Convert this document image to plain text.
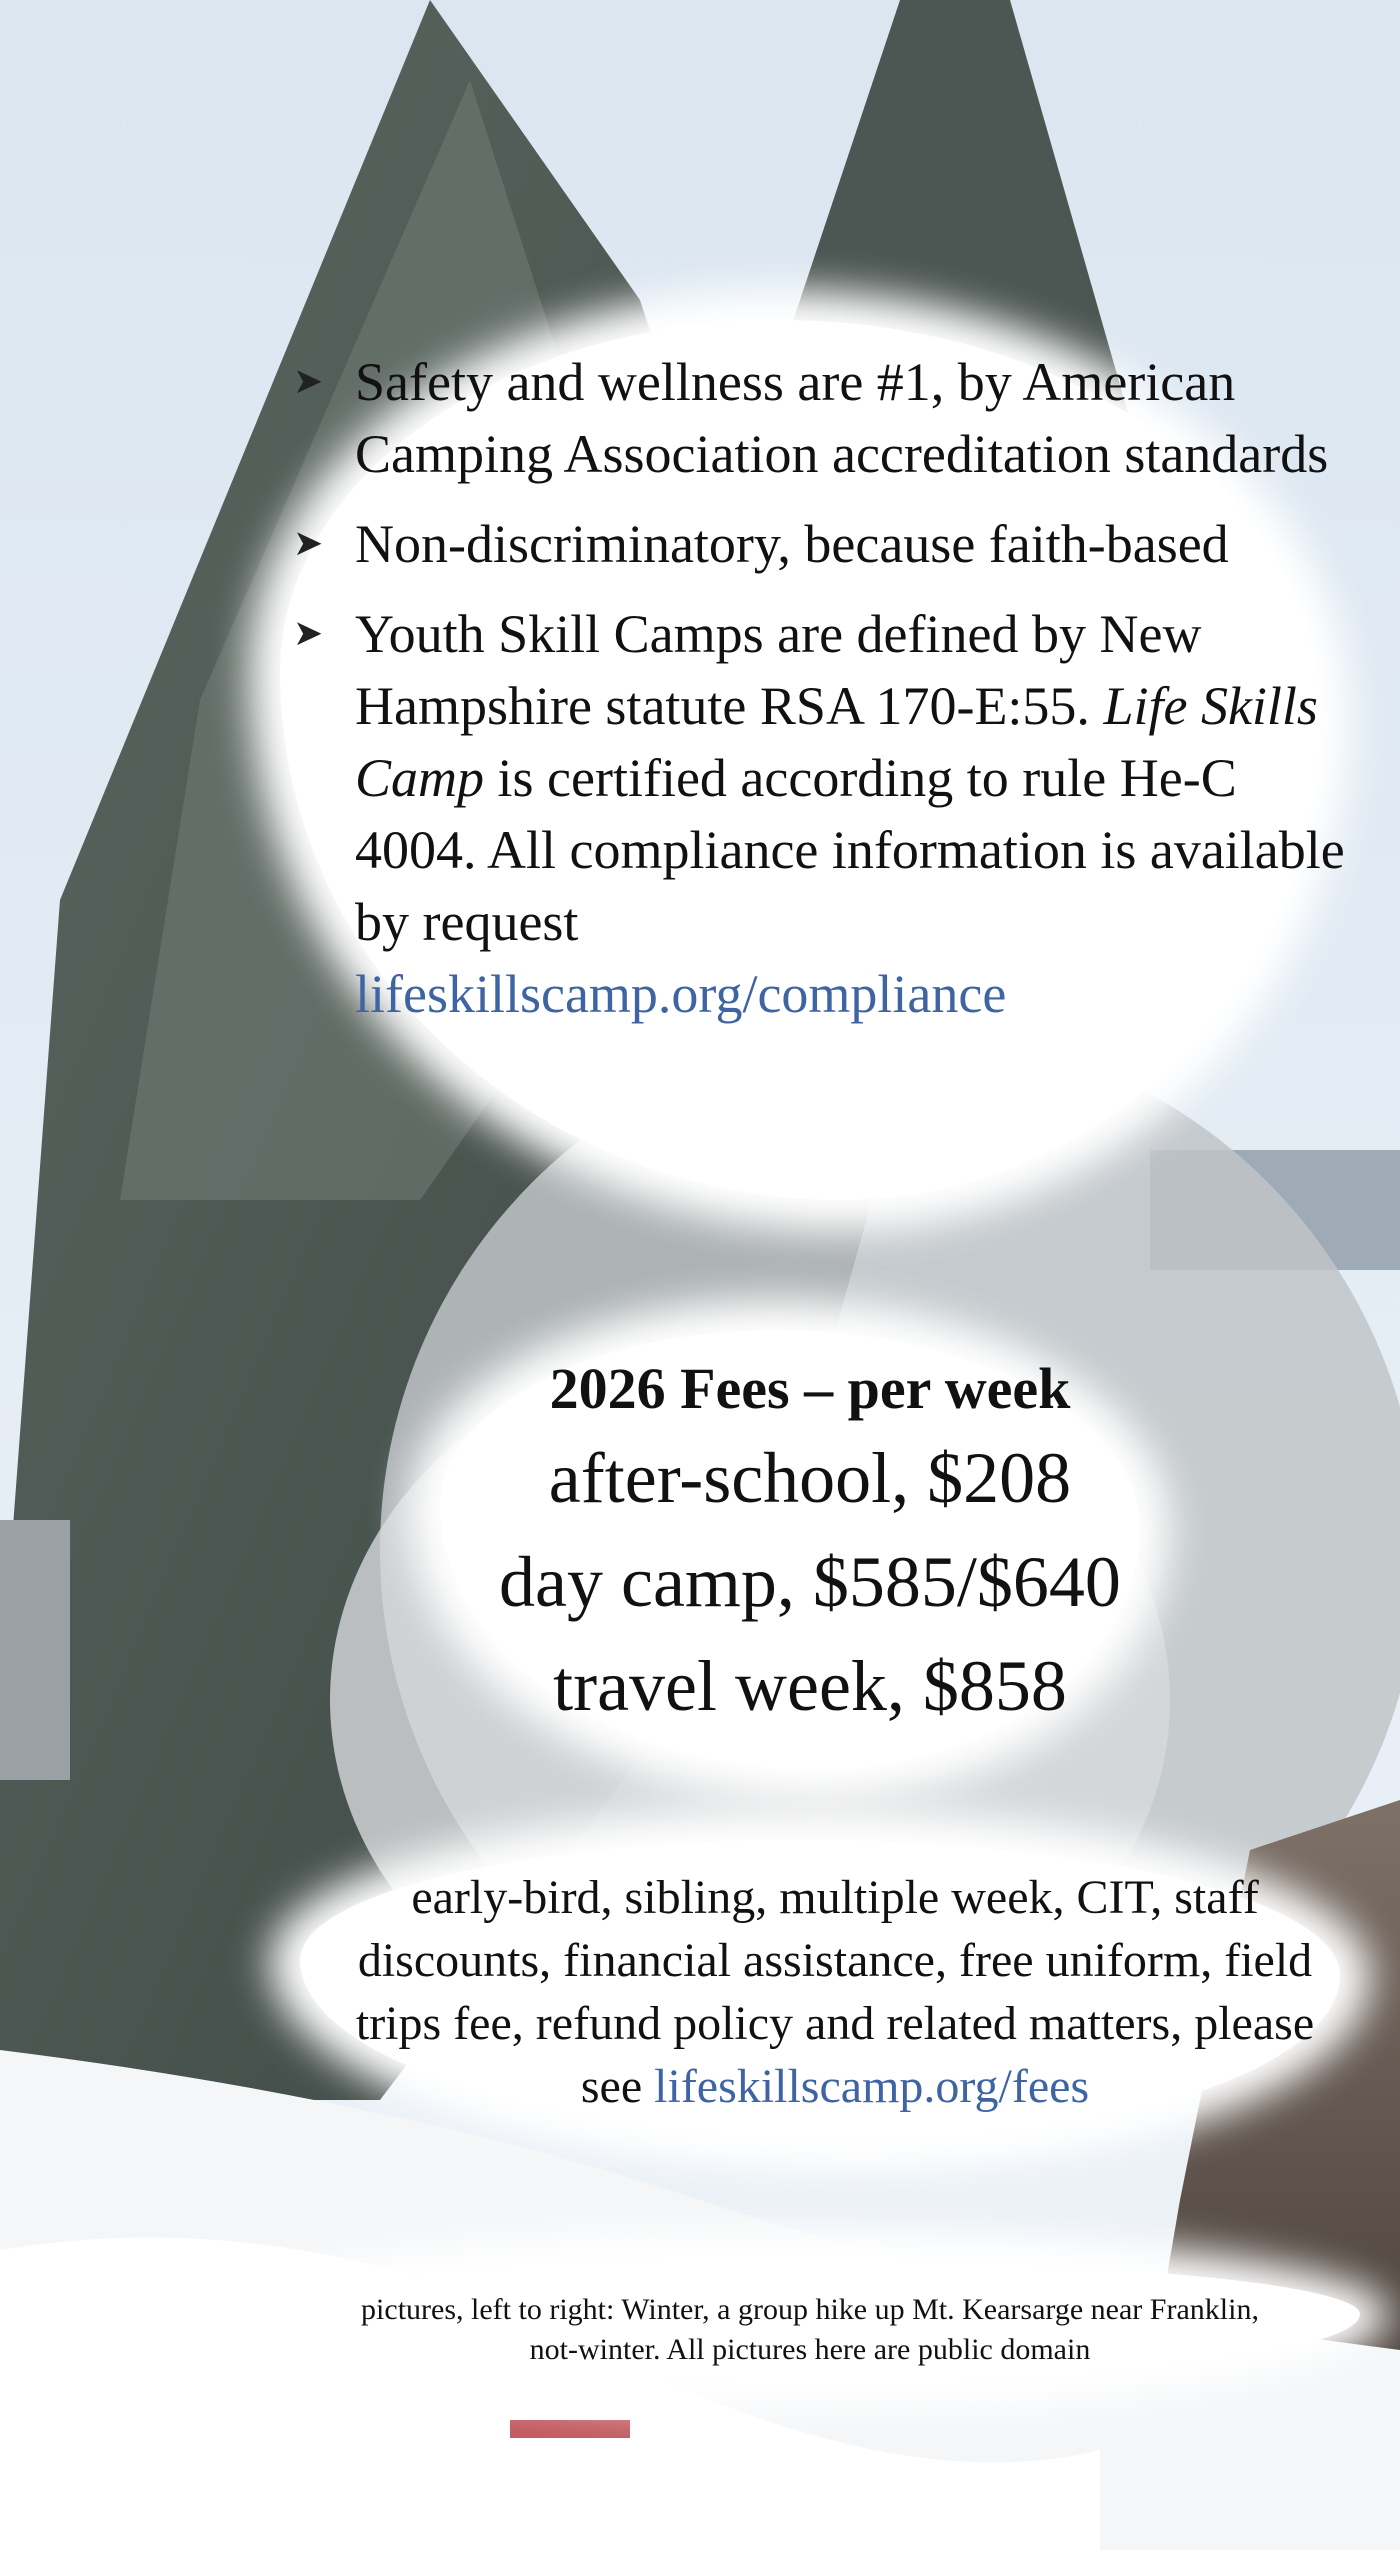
➤ Safety and wellness are #1, by American Camping Association accreditation standards
➤ Non-discriminatory, because faith-based
➤ Youth Skill Camps are defined by New Hampshire statute RSA 170-E:55. Life Skills Camp is certified according to rule He-C 4004. All compliance information is available by request
lifeskillscamp.org/compliance
2026 Fees – per week
after-school, $208
day camp, $585/$640
travel week, $858
early-bird, sibling, multiple week, CIT, staff discounts, financial assistance, free uniform, field trips fee, refund policy and related matters, please see lifeskillscamp.org/fees
pictures, left to right: Winter, a group hike up Mt. Kearsarge near Franklin,
not-winter. All pictures here are public domain
